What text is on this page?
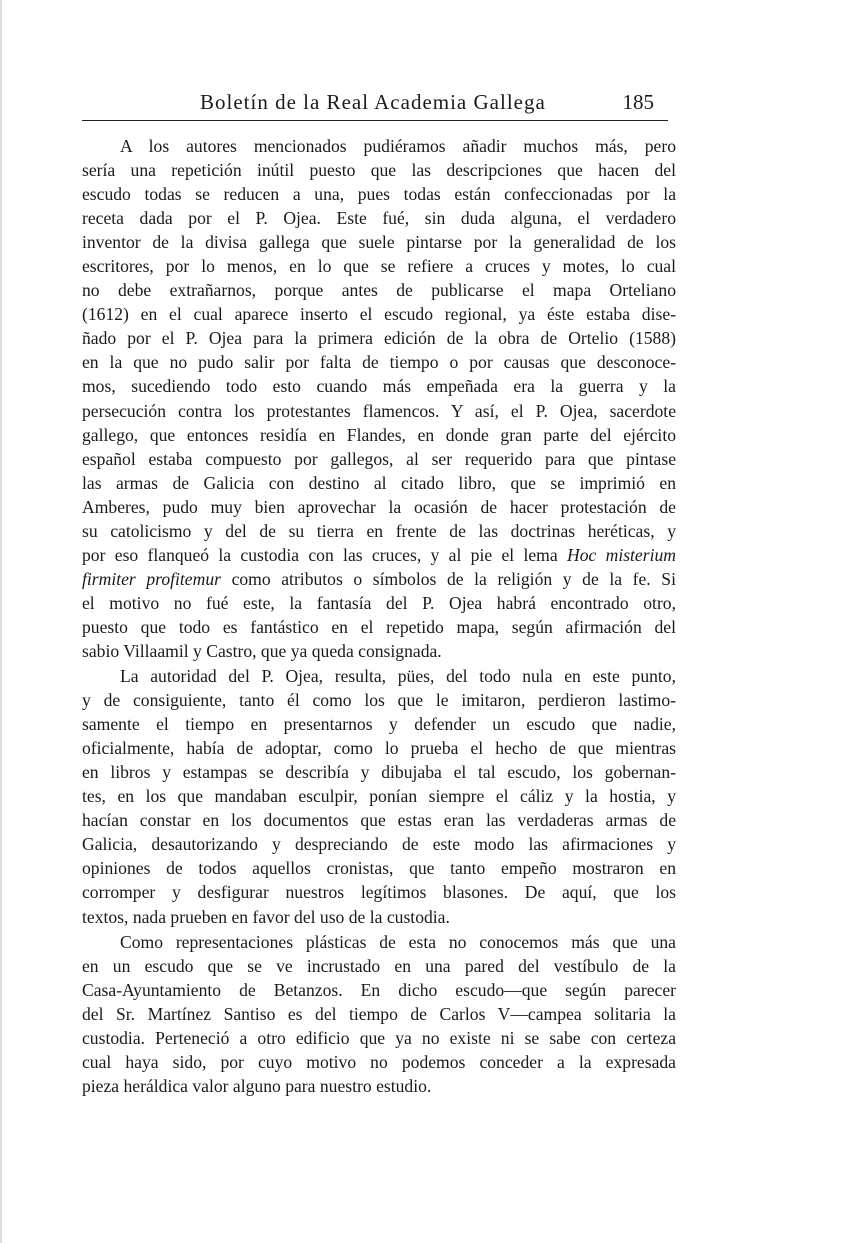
Boletín de la Real Academia Gallega	185
A los autores mencionados pudiéramos añadir muchos más, pero
sería una repetición inútil puesto que las descripciones que hacen del
escudo todas se reducen a una, pues todas están confeccionadas por la
receta dada por el P. Ojea. Este fué, sin duda alguna, el verdadero
inventor de la divisa gallega que suele pintarse por la generalidad de los
escritores, por lo menos, en lo que se refiere a cruces y motes, lo cual
no debe extrañarnos, porque antes de publicarse el mapa Orteliano
(1612) en el cual aparece inserto el escudo regional, ya éste estaba dise-
ñado por el P. Ojea para la primera edición de la obra de Ortelio (1588)
en la que no pudo salir por falta de tiempo o por causas que desconoce-
mos, sucediendo todo esto cuando más empeñada era la guerra y la
persecución contra los protestantes flamencos. Y así, el P. Ojea, sacerdote
gallego, que entonces residía en Flandes, en donde gran parte del ejército
español estaba compuesto por gallegos, al ser requerido para que pintase
las armas de Galicia con destino al citado libro, que se imprimió en
Amberes, pudo muy bien aprovechar la ocasión de hacer protestación de
su catolicismo y del de su tierra en frente de las doctrinas heréticas, y
por eso flanqueó la custodia con las cruces, y al pie el lema Hoc misterium
firmiter profitemur como atributos o símbolos de la religión y de la fe. Si
el motivo no fué este, la fantasía del P. Ojea habrá encontrado otro,
puesto que todo es fantástico en el repetido mapa, según afirmación del
sabio Villaamil y Castro, que ya queda consignada.
La autoridad del P. Ojea, resulta, pües, del todo nula en este punto,
y de consiguiente, tanto él como los que le imitaron, perdieron lastimo-
samente el tiempo en presentarnos y defender un escudo que nadie,
oficialmente, había de adoptar, como lo prueba el hecho de que mientras
en libros y estampas se describía y dibujaba el tal escudo, los gobernan-
tes, en los que mandaban esculpir, ponían siempre el cáliz y la hostia, y
hacían constar en los documentos que estas eran las verdaderas armas de
Galicia, desautorizando y despreciando de este modo las afirmaciones y
opiniones de todos aquellos cronistas, que tanto empeño mostraron en
corromper y desfigurar nuestros legítimos blasones. De aquí, que los
textos, nada prueben en favor del uso de la custodia.
Como representaciones plásticas de esta no conocemos más que una
en un escudo que se ve incrustado en una pared del vestíbulo de la
Casa-Ayuntamiento de Betanzos. En dicho escudo—que según parecer
del Sr. Martínez Santiso es del tiempo de Carlos V—campea solitaria la
custodia. Perteneció a otro edificio que ya no existe ni se sabe con certeza
cual haya sido, por cuyo motivo no podemos conceder a la expresada
pieza heráldica valor alguno para nuestro estudio.
